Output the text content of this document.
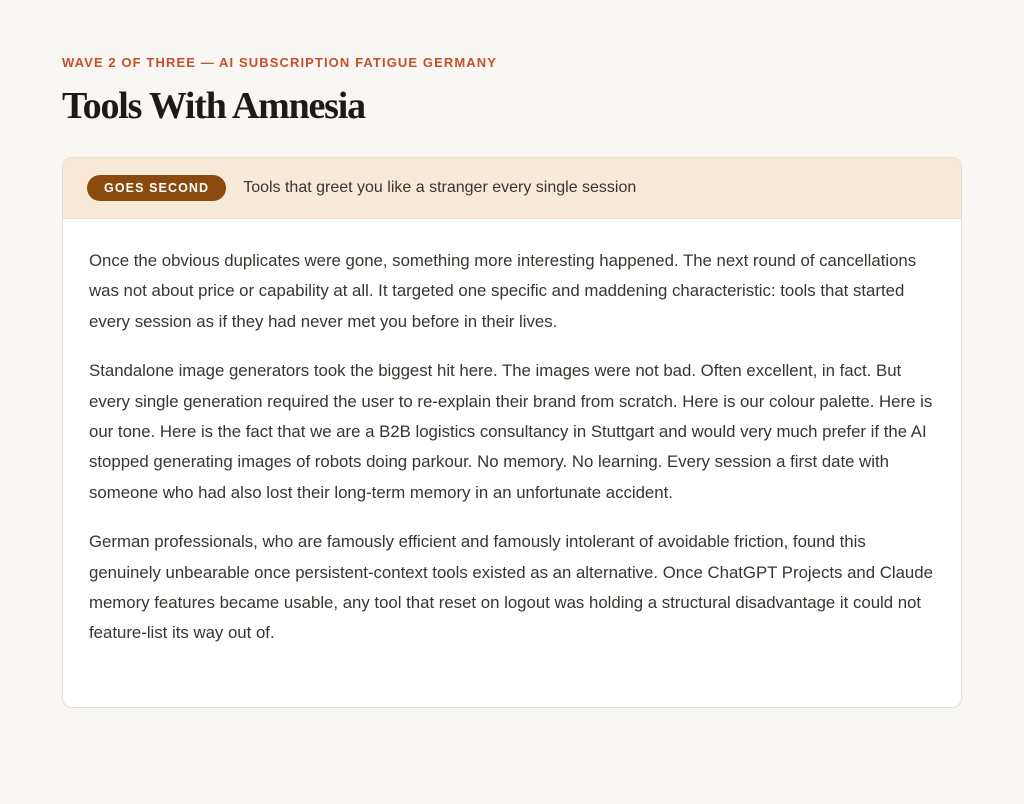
WAVE 2 OF THREE — AI SUBSCRIPTION FATIGUE GERMANY
Tools With Amnesia
GOES SECOND	Tools that greet you like a stranger every single session

Once the obvious duplicates were gone, something more interesting happened. The next round of cancellations was not about price or capability at all. It targeted one specific and maddening characteristic: tools that started every session as if they had never met you before in their lives.

Standalone image generators took the biggest hit here. The images were not bad. Often excellent, in fact. But every single generation required the user to re-explain their brand from scratch. Here is our colour palette. Here is our tone. Here is the fact that we are a B2B logistics consultancy in Stuttgart and would very much prefer if the AI stopped generating images of robots doing parkour. No memory. No learning. Every session a first date with someone who had also lost their long-term memory in an unfortunate accident.

German professionals, who are famously efficient and famously intolerant of avoidable friction, found this genuinely unbearable once persistent-context tools existed as an alternative. Once ChatGPT Projects and Claude memory features became usable, any tool that reset on logout was holding a structural disadvantage it could not feature-list its way out of.
